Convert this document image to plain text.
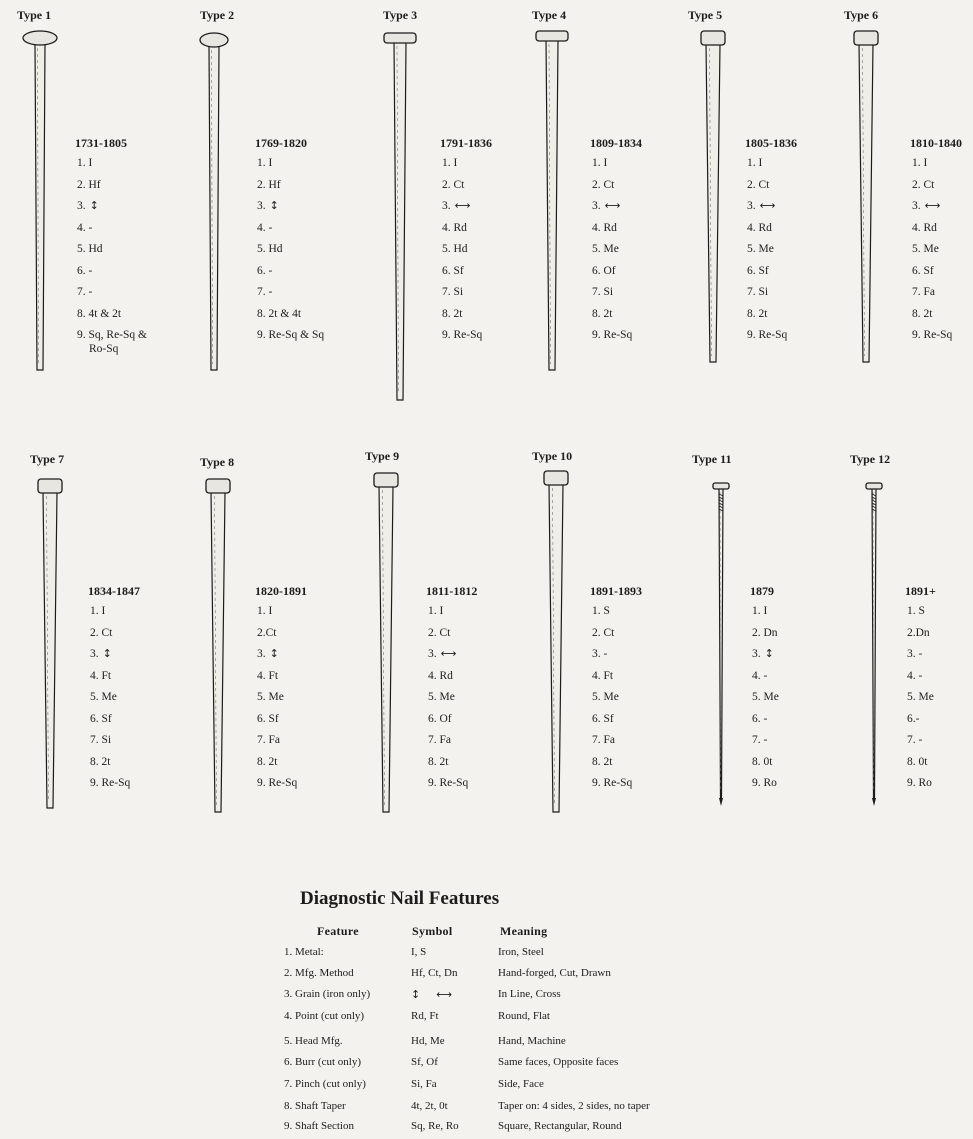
Type 1
1731-1805
1. I
2. Hf
3.↕
4. -
5. Hd
6. -
7. -
8. 4t & 2t
9. Sq, Re-Sq &
Ro-Sq
Type 2
1769-1820
1. I
2. Hf
3.↕
4. -
5. Hd
6. -
7. -
8. 2t & 4t
9. Re-Sq & Sq
Type 3
1791-1836
1. I
2. Ct
3.⟷
4. Rd
5. Hd
6. Sf
7. Si
8. 2t
9. Re-Sq
Type 4
1809-1834
1. I
2. Ct
3.⟷
4. Rd
5. Me
6. Of
7. Si
8. 2t
9. Re-Sq
Type 5
1805-1836
1. I
2. Ct
3.⟷
4. Rd
5. Me
6. Sf
7. Si
8. 2t
9. Re-Sq
Type 6
1810-1840
1. I
2. Ct
3.⟷
4. Rd
5. Me
6. Sf
7. Fa
8. 2t
9. Re-Sq
Type 7
1834-1847
1. I
2. Ct
3.↕
4. Ft
5. Me
6. Sf
7. Si
8. 2t
9. Re-Sq
Type 8
1820-1891
1. I
2.Ct
3.↕
4. Ft
5. Me
6. Sf
7. Fa
8. 2t
9. Re-Sq
Type 9
1811-1812
1. I
2. Ct
3.⟷
4. Rd
5. Me
6. Of
7. Fa
8. 2t
9. Re-Sq
Type 10
1891-1893
1. S
2. Ct
3. -
4. Ft
5. Me
6. Sf
7. Fa
8. 2t
9. Re-Sq
Type 11
1879
1. I
2. Dn
3.↕
4. -
5. Me
6. -
7. -
8. 0t
9. Ro
Type 12
1891+
1. S
2.Dn
3. -
4. -
5. Me
6.-
7. -
8. 0t
9. Ro
Diagnostic Nail Features
Feature	Symbol	Meaning
1. Metal:	I, S	Iron, Steel
2. Mfg. Method	Hf, Ct, Dn	Hand-forged, Cut, Drawn
3. Grain (iron only)	↕ ⟷	In Line, Cross
4. Point (cut only)	Rd, Ft	Round, Flat
5. Head Mfg.	Hd, Me	Hand, Machine
6. Burr (cut only)	Sf, Of	Same faces, Opposite faces
7. Pinch (cut only)	Si, Fa	Side, Face
8. Shaft Taper	4t, 2t, 0t	Taper on: 4 sides, 2 sides, no taper
9. Shaft Section	Sq, Re, Ro	Square, Rectangular, Round
